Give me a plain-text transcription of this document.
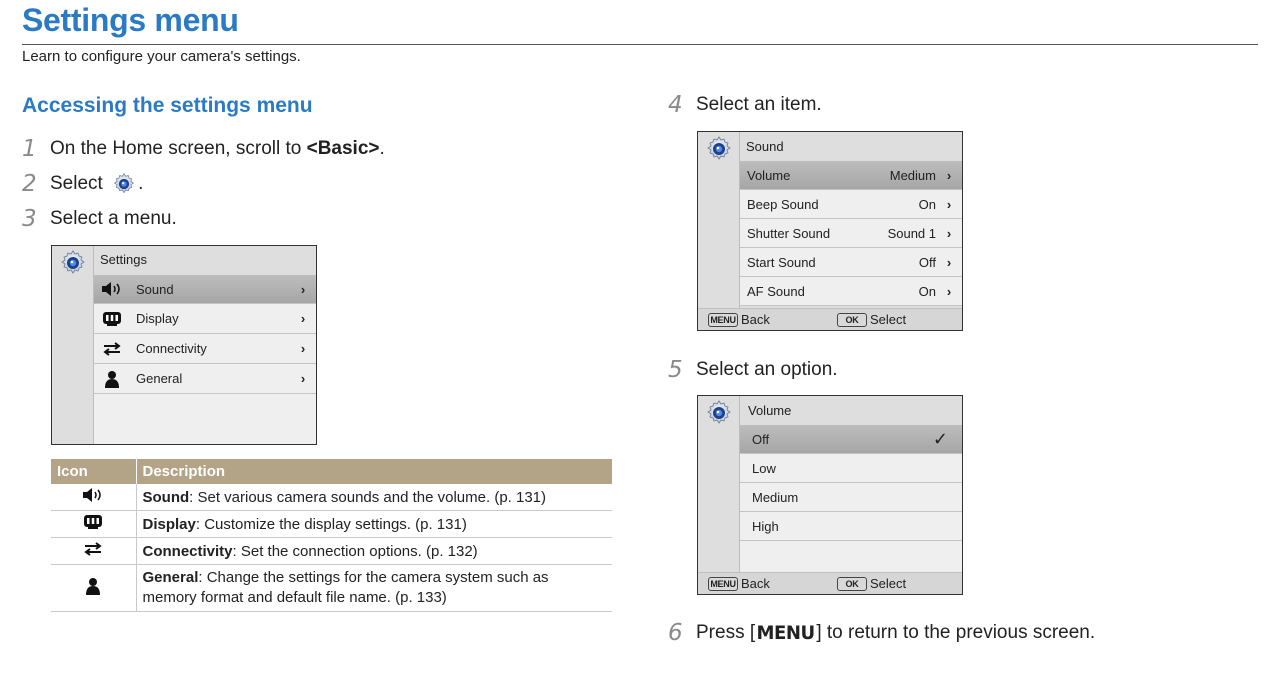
Settings menu
Learn to configure your camera's settings.
Accessing the settings menu
1 On the Home screen, scroll to <Basic> .
2 Select .
3 Select a menu.
Settings
Sound	›
Display	›
Connectivity	›
General	›
Icon	Description
	Sound: Set various camera sounds and the volume. (p. 131)
	Display: Customize the display settings. (p. 131)
	Connectivity: Set the connection options. (p. 132)
	General: Change the settings for the camera system such as memory format and default file name. (p. 133)
4 Select an item.
Sound
Volume	Medium ›
Beep Sound	On ›
Shutter Sound	Sound 1 ›
Start Sound	Off ›
AF Sound	On ›
MENU Back	OK Select
5 Select an option.
Volume
Off	✓
Low
Medium
High
MENU Back	OK Select
6 Press [ MENU ] to return to the previous screen.
